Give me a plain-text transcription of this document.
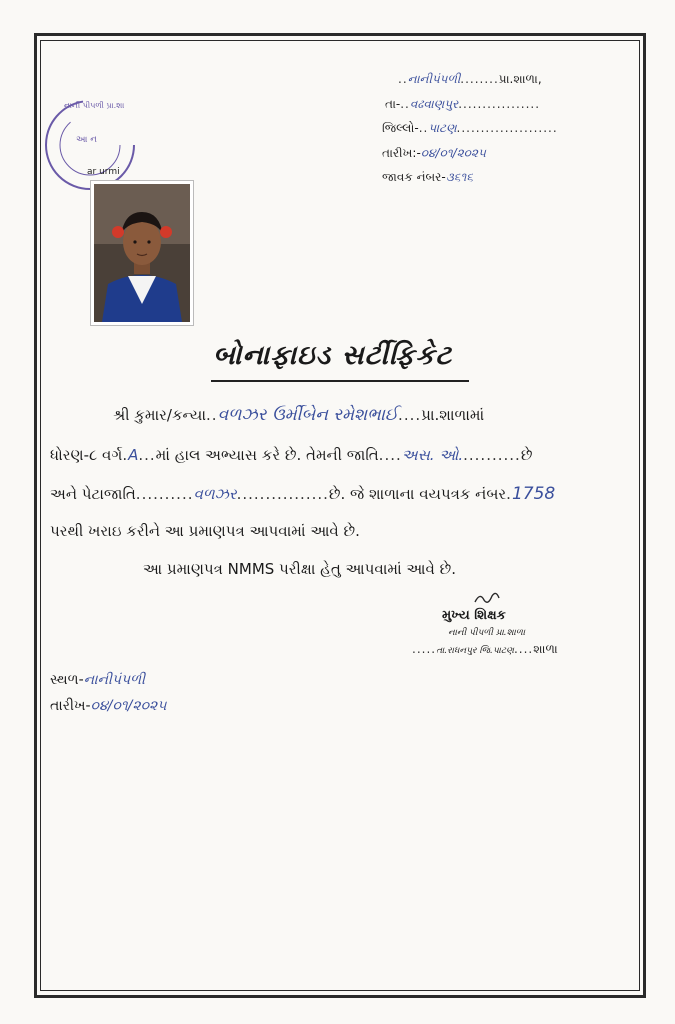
..નાનીપંપળી........પ્રા.શાળા,
તા-..વઢવાણપુર.................
જિલ્લો-..પાટણ.....................
તારીખ:-૦૪/૦૧/૨૦૨૫
જાવક નંબર-૩૬૧૬
નાની પીપળી પ્રા.શા
આ ન
ar urmi
બોનાફાઇડ સર્ટીફિકેટ
શ્રી કુમાર/કન્યા..વળઝર ઉર્મીબેન રમેશભાઈ....પ્રા.શાળામાં
ધોરણ-૮ વર્ગ.A...માં હાલ અભ્યાસ કરે છે. તેમની જાતિ....અસ. ઓ...........છે
અને પેટાજાતિ..........વળઝર................છે. જે શાળાના વયપત્રક નંબર.1758
પરથી ખરાઇ કરીને આ પ્રમાણપત્ર આપવામાં આવે છે.
આ પ્રમાણપત્ર NMMS પરીક્ષા હેતુ આપવામાં આવે છે.
મુખ્ય શિક્ષક
નાની પીપળી પ્રા.શાળા
.....તા.રાધનપુર જિ.પાટણ....શાળા
સ્થળ-નાનીપંપળી
તારીખ-૦૪/૦૧/૨૦૨૫
